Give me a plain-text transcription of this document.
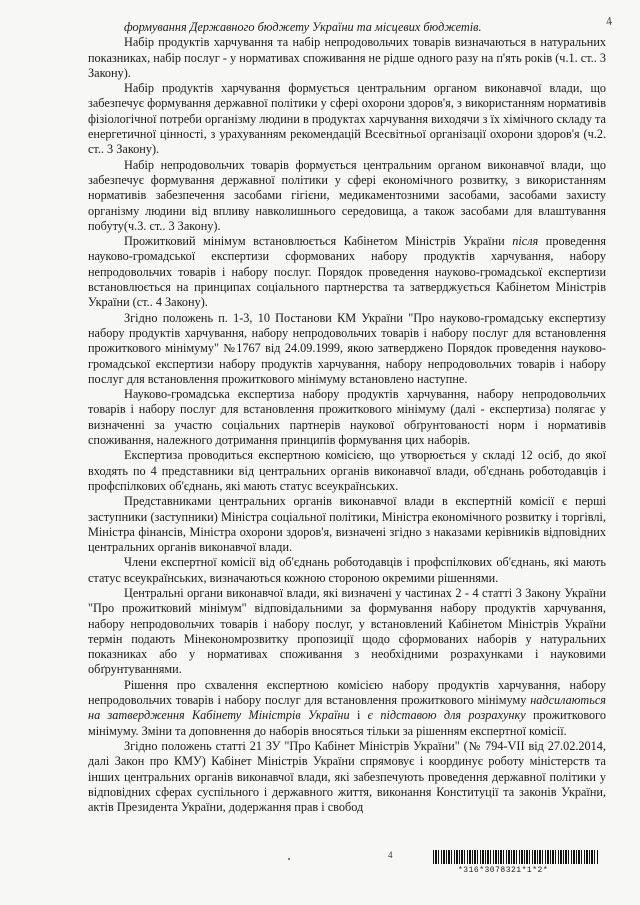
4

формування Державного бюджету України та місцевих бюджетів.

Набір продуктів харчування та набір непродовольчих товарів визначаються в натуральних показниках, набір послуг - у нормативах споживання не рідше одного разу на п'ять років (ч.1. ст.. 3 Закону).

Набір продуктів харчування формується центральним органом виконавчої влади, що забезпечує формування державної політики у сфері охорони здоров'я, з використанням нормативів фізіологічної потреби організму людини в продуктах харчування виходячи з їх хімічного складу та енергетичної цінності, з урахуванням рекомендацій Всесвітньої організації охорони здоров'я (ч.2. ст.. 3 Закону).

Набір непродовольчих товарів формується центральним органом виконавчої влади, що забезпечує формування державної політики у сфері економічного розвитку, з використанням нормативів забезпечення засобами гігієни, медикаментозними засобами, засобами захисту організму людини від впливу навколишнього середовища, а також засобами для влаштування побуту(ч.3. ст.. 3 Закону).

Прожитковий мінімум встановлюється Кабінетом Міністрів України після проведення науково-громадської експертизи сформованих набору продуктів харчування, набору непродовольчих товарів і набору послуг. Порядок проведення науково-громадської експертизи встановлюється на принципах соціального партнерства та затверджується Кабінетом Міністрів України (ст.. 4 Закону).

Згідно положень п. 1-3, 10 Постанови КМ України "Про науково-громадську експертизу набору продуктів харчування, набору непродовольчих товарів і набору послуг для встановлення прожиткового мінімуму" №1767 від 24.09.1999, якою затверджено Порядок проведення науково-громадської експертизи набору продуктів харчування, набору непродовольчих товарів і набору послуг для встановлення прожиткового мінімуму встановлено наступне.

Науково-громадська експертиза набору продуктів харчування, набору непродовольчих товарів і набору послуг для встановлення прожиткового мінімуму (далі - експертиза) полягає у визначенні за участю соціальних партнерів наукової обґрунтованості норм і нормативів споживання, належного дотримання принципів формування цих наборів.

Експертиза проводиться експертною комісією, що утворюється у складі 12 осіб, до якої входять по 4 представники від центральних органів виконавчої влади, об'єднань роботодавців і профспілкових об'єднань, які мають статус всеукраїнських.

Представниками центральних органів виконавчої влади в експертній комісії є перші заступники (заступники) Міністра соціальної політики, Міністра економічного розвитку і торгівлі, Міністра фінансів, Міністра охорони здоров'я, визначені згідно з наказами керівників відповідних центральних органів виконавчої влади.

Члени експертної комісії від об'єднань роботодавців і профспілкових об'єднань, які мають статус всеукраїнських, визначаються кожною стороною окремими рішеннями.

Центральні органи виконавчої влади, які визначені у частинах 2 - 4 статті 3 Закону України "Про прожитковий мінімум" відповідальними за формування набору продуктів харчування, набору непродовольчих товарів і набору послуг, у встановлений Кабінетом Міністрів України термін подають Мінекономрозвитку пропозиції щодо сформованих наборів у натуральних показниках або у нормативах споживання з необхідними розрахунками і науковими обґрунтуваннями.

Рішення про схвалення експертною комісією набору продуктів харчування, набору непродовольчих товарів і набору послуг для встановлення прожиткового мінімуму надсилаються на затвердження Кабінету Міністрів України і є підставою для розрахунку прожиткового мінімуму. Зміни та доповнення до наборів вносяться тільки за рішенням експертної комісії.

Згідно положень статті 21 ЗУ "Про Кабінет Міністрів України" (№ 794-VII від 27.02.2014, далі Закон про КМУ) Кабінет Міністрів України спрямовує і координує роботу міністерств та інших центральних органів виконавчої влади, які забезпечують проведення державної політики у відповідних сферах суспільного і державного життя, виконання Конституції та законів України, актів Президента України, додержання прав і свобод

4
*316*3078321*1*2*
